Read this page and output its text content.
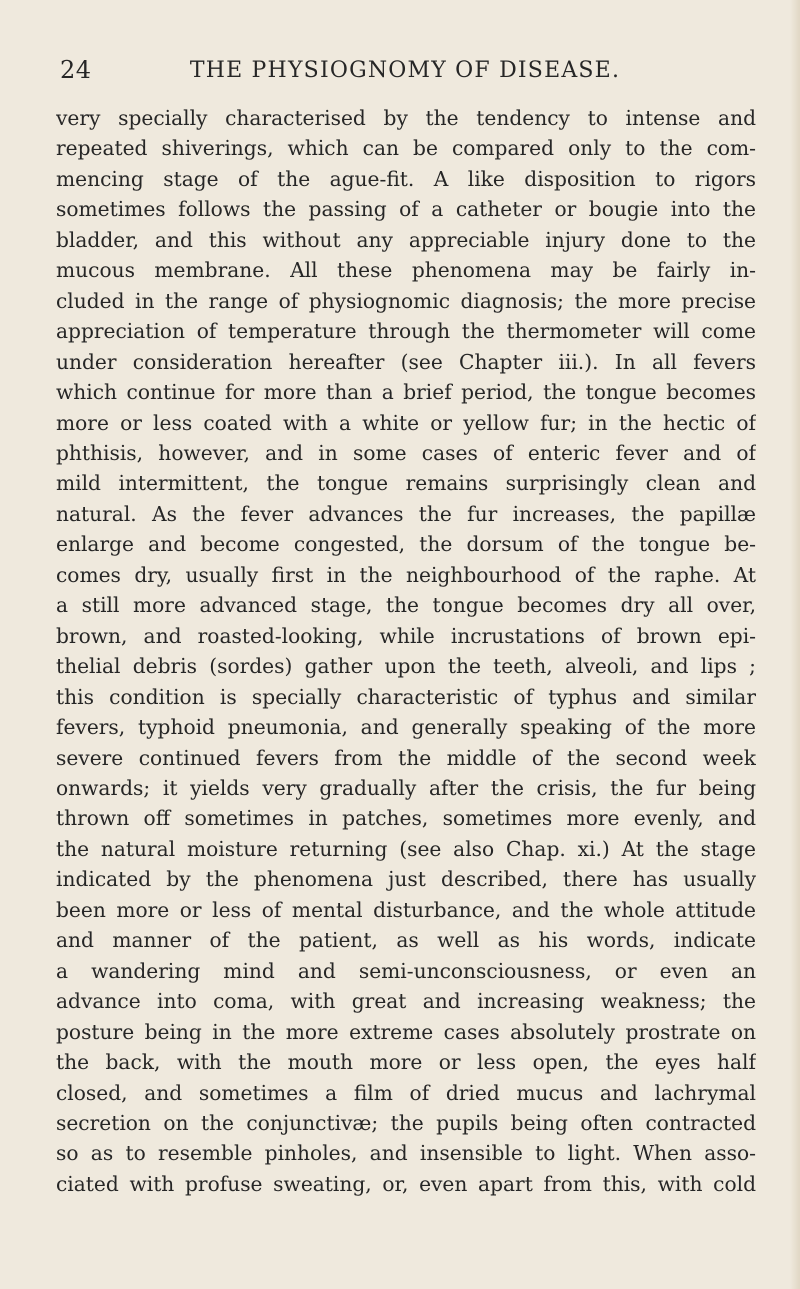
24	THE PHYSIOGNOMY OF DISEASE.
very specially characterised by the tendency to intense and
repeated shiverings, which can be compared only to the com-
mencing stage of the ague-fit. A like disposition to rigors
sometimes follows the passing of a catheter or bougie into the
bladder, and this without any appreciable injury done to the
mucous membrane. All these phenomena may be fairly in-
cluded in the range of physiognomic diagnosis; the more precise
appreciation of temperature through the thermometer will come
under consideration hereafter (see Chapter iii.). In all fevers
which continue for more than a brief period, the tongue becomes
more or less coated with a white or yellow fur; in the hectic of
phthisis, however, and in some cases of enteric fever and of
mild intermittent, the tongue remains surprisingly clean and
natural. As the fever advances the fur increases, the papillæ
enlarge and become congested, the dorsum of the tongue be-
comes dry, usually first in the neighbourhood of the raphe. At
a still more advanced stage, the tongue becomes dry all over,
brown, and roasted-looking, while incrustations of brown epi-
thelial debris (sordes) gather upon the teeth, alveoli, and lips ;
this condition is specially characteristic of typhus and similar
fevers, typhoid pneumonia, and generally speaking of the more
severe continued fevers from the middle of the second week
onwards; it yields very gradually after the crisis, the fur being
thrown off sometimes in patches, sometimes more evenly, and
the natural moisture returning (see also Chap. xi.) At the stage
indicated by the phenomena just described, there has usually
been more or less of mental disturbance, and the whole attitude
and manner of the patient, as well as his words, indicate
a wandering mind and semi-unconsciousness, or even an
advance into coma, with great and increasing weakness; the
posture being in the more extreme cases absolutely prostrate on
the back, with the mouth more or less open, the eyes half
closed, and sometimes a film of dried mucus and lachrymal
secretion on the conjunctivæ; the pupils being often contracted
so as to resemble pinholes, and insensible to light. When asso-
ciated with profuse sweating, or, even apart from this, with cold
